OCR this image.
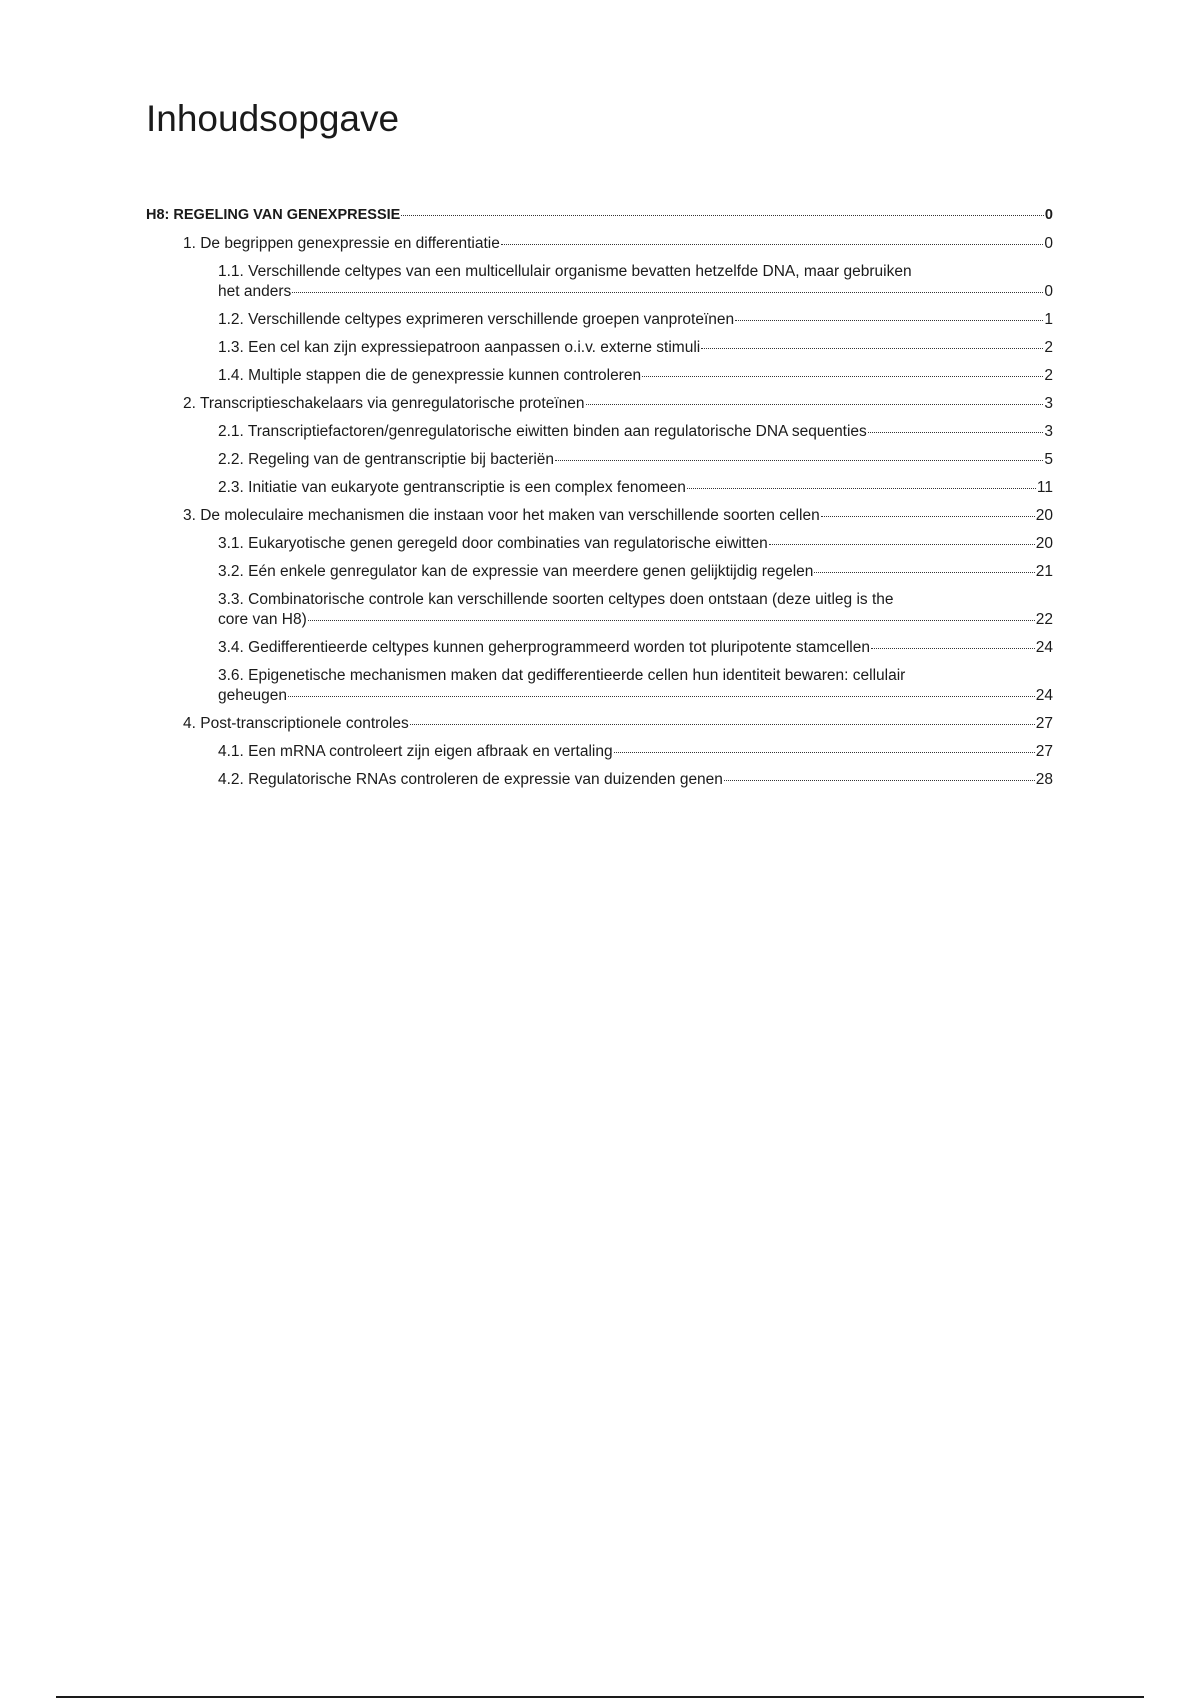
Inhoudsopgave
H8: REGELING VAN GENEXPRESSIE	0
1. De begrippen genexpressie en differentiatie	0
1.1. Verschillende celtypes van een multicellulair organisme bevatten hetzelfde DNA, maar gebruiken
het anders	0
1.2. Verschillende celtypes exprimeren verschillende groepen vanproteïnen	1
1.3. Een cel kan zijn expressiepatroon aanpassen o.i.v. externe stimuli	2
1.4. Multiple stappen die de genexpressie kunnen controleren	2
2. Transcriptieschakelaars via genregulatorische proteïnen	3
2.1. Transcriptiefactoren/genregulatorische eiwitten binden aan regulatorische DNA sequenties	3
2.2. Regeling van de gentranscriptie bij bacteriën	5
2.3. Initiatie van eukaryote gentranscriptie is een complex fenomeen	11
3. De moleculaire mechanismen die instaan voor het maken van verschillende soorten cellen	20
3.1. Eukaryotische genen geregeld door combinaties van regulatorische eiwitten	20
3.2. Eén enkele genregulator kan de expressie van meerdere genen gelijktijdig regelen	21
3.3. Combinatorische controle kan verschillende soorten celtypes doen ontstaan (deze uitleg is the
core van H8)	22
3.4. Gedifferentieerde celtypes kunnen geherprogrammeerd worden tot pluripotente stamcellen	24
3.6. Epigenetische mechanismen maken dat gedifferentieerde cellen hun identiteit bewaren: cellulair
geheugen	24
4. Post-transcriptionele controles	27
4.1. Een mRNA controleert zijn eigen afbraak en vertaling	27
4.2. Regulatorische RNAs controleren de expressie van duizenden genen	28
